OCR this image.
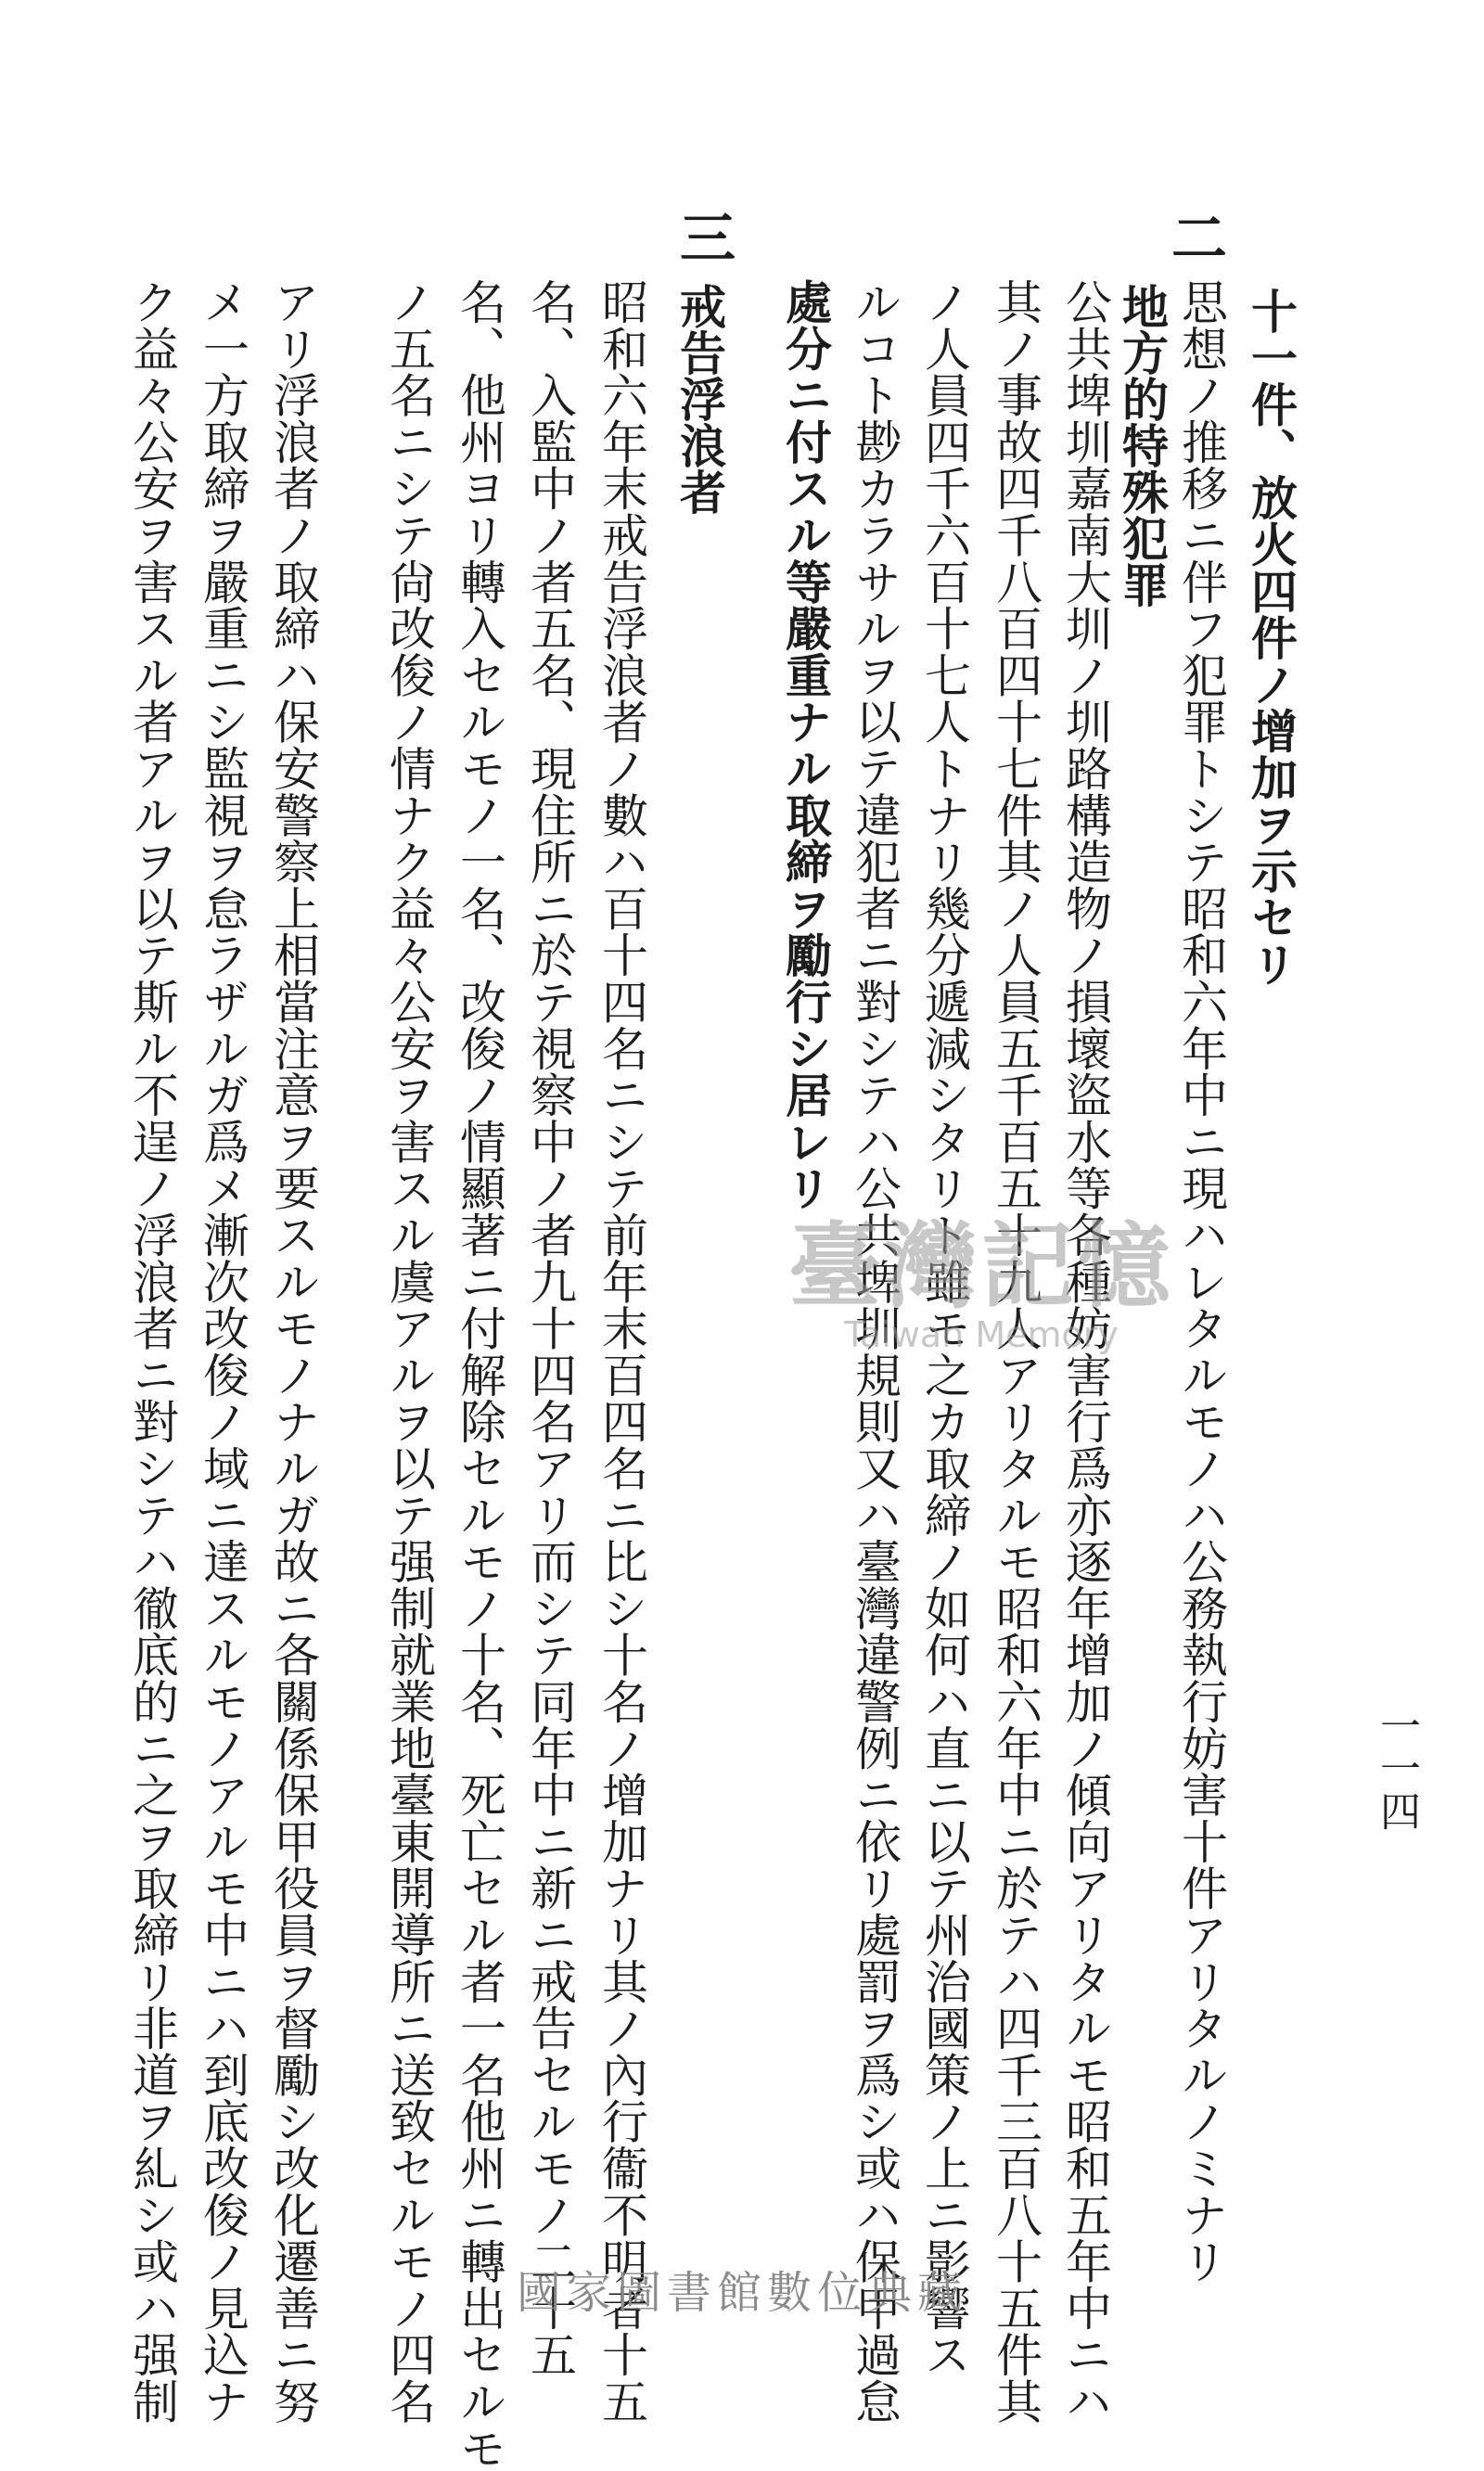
一一四
二
三
十一件、放火四件ノ增加ヲ示セリ
思想ノ推移ニ伴フ犯罪トシテ昭和六年中ニ現ハレタルモノハ公務執行妨害十件アリタルノミナリ
地方的特殊犯罪
公共埤圳嘉南大圳ノ圳路構造物ノ損壞盜水等各種妨害行爲亦逐年增加ノ傾向アリタルモ昭和五年中ニハ
其ノ事故四千八百四十七件其ノ人員五千百五十九人アリタルモ昭和六年中ニ於テハ四千三百八十五件其
ノ人員四千六百十七人トナリ幾分遞減シタリト雖モ之カ取締ノ如何ハ直ニ以テ州治國策ノ上ニ影響ス
ルコト尠カラサルヲ以テ違犯者ニ對シテハ公共埤圳規則又ハ臺灣違警例ニ依リ處罰ヲ爲シ或ハ保甲過怠
處分ニ付スル等嚴重ナル取締ヲ勵行シ居レリ
戒告浮浪者
昭和六年末戒告浮浪者ノ數ハ百十四名ニシテ前年末百四名ニ比シ十名ノ增加ナリ其ノ內行衞不明者十五
名、入監中ノ者五名、現住所ニ於テ視察中ノ者九十四名アリ而シテ同年中ニ新ニ戒告セルモノ二十五
名、他州ヨリ轉入セルモノ一名、改俊ノ情顯著ニ付解除セルモノ十名、死亡セル者一名他州ニ轉出セルモ
ノ五名ニシテ尙改俊ノ情ナク益々公安ヲ害スル虞アルヲ以テ强制就業地臺東開導所ニ送致セルモノ四名
アリ浮浪者ノ取締ハ保安警察上相當注意ヲ要スルモノナルガ故ニ各關係保甲役員ヲ督勵シ改化遷善ニ努
メ一方取締ヲ嚴重ニシ監視ヲ怠ラザルガ爲メ漸次改俊ノ域ニ達スルモノアルモ中ニハ到底改俊ノ見込ナ
ク益々公安ヲ害スル者アルヲ以テ斯ル不逞ノ浮浪者ニ對シテハ徹底的ニ之ヲ取締リ非道ヲ糺シ或ハ强制	臺灣記憶
Taiwan Memory
國家圖書館數位典藏
